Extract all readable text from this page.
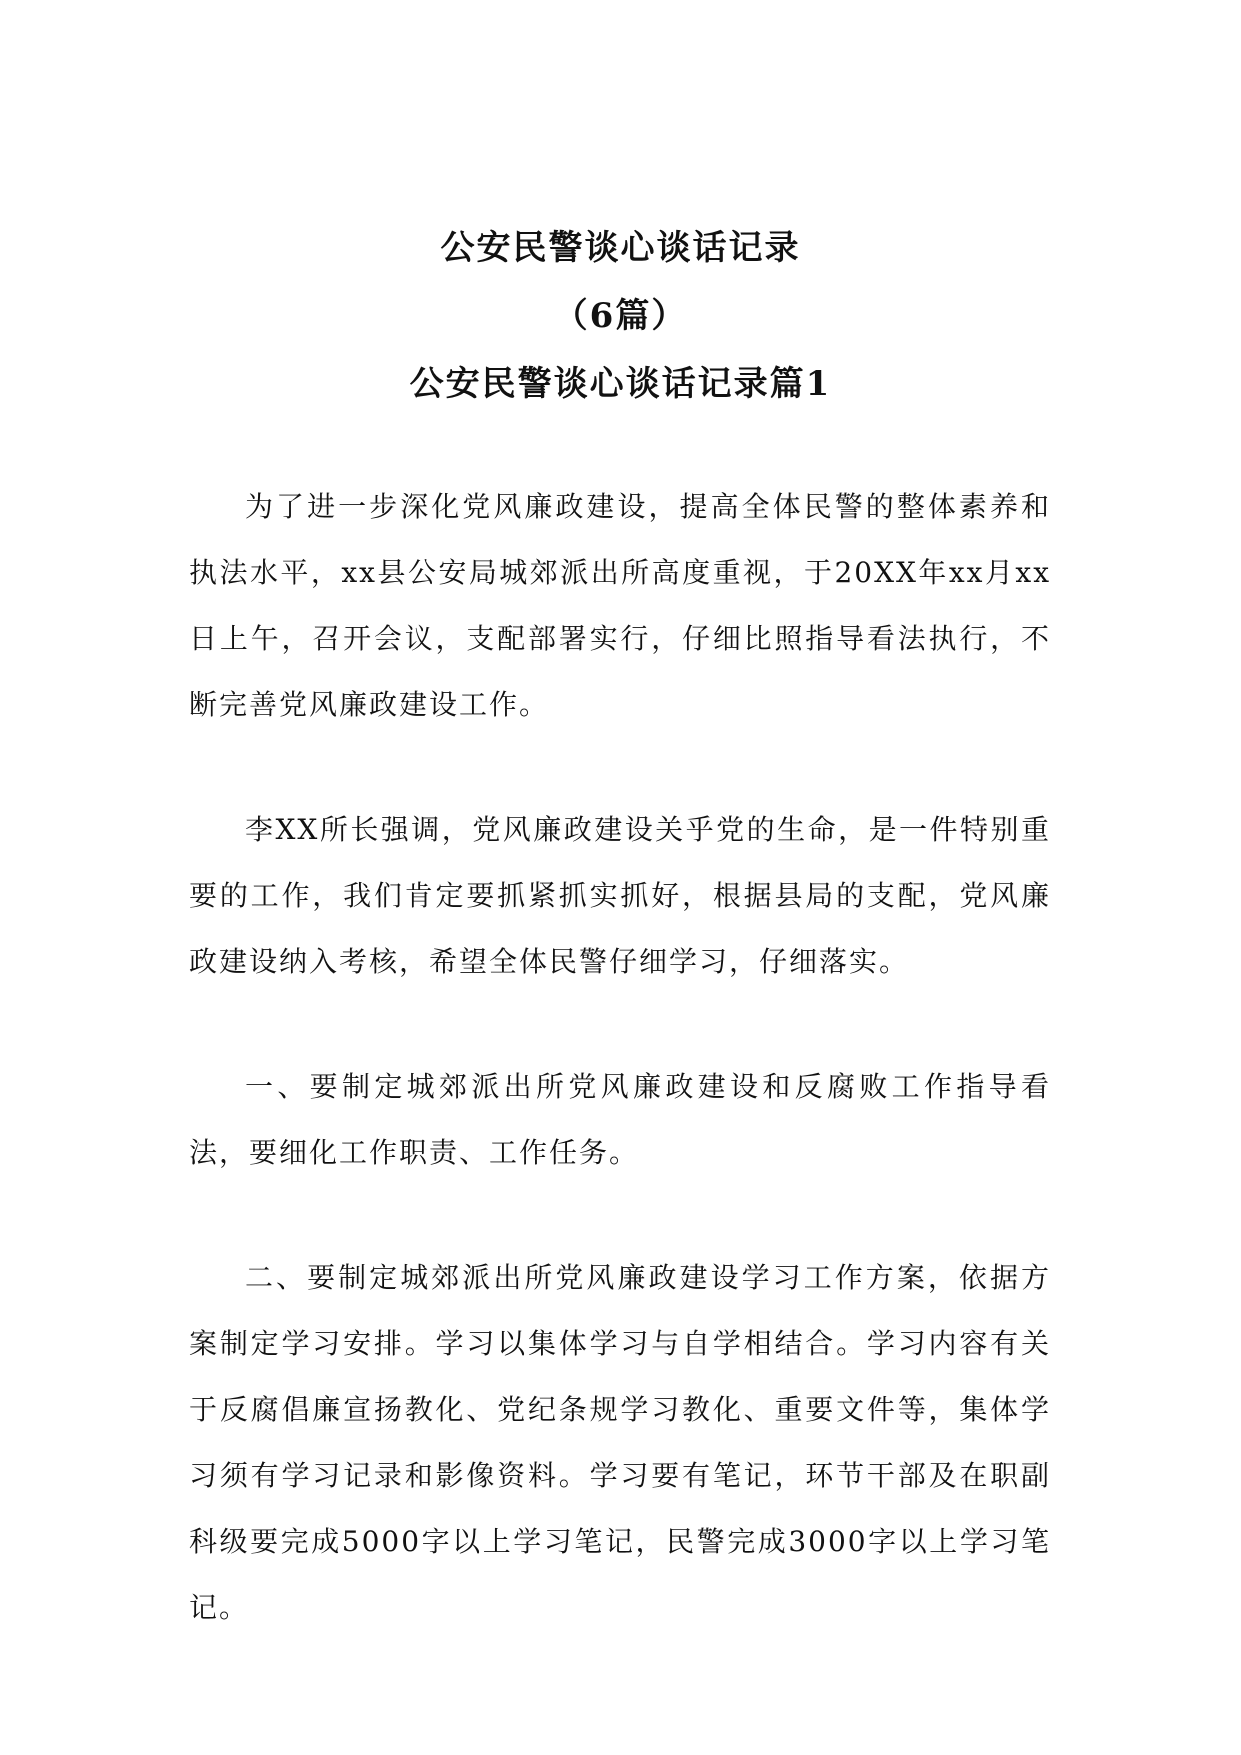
公安民警谈心谈话记录
（6篇）
公安民警谈心谈话记录篇1

为了进一步深化党风廉政建设，提高全体民警的整体素养和执法水平，xx县公安局城郊派出所高度重视，于20XX年xx月xx日上午，召开会议，支配部署实行，仔细比照指导看法执行，不断完善党风廉政建设工作。

李XX所长强调，党风廉政建设关乎党的生命，是一件特别重要的工作，我们肯定要抓紧抓实抓好，根据县局的支配，党风廉政建设纳入考核，希望全体民警仔细学习，仔细落实。

一、要制定城郊派出所党风廉政建设和反腐败工作指导看法，要细化工作职责、工作任务。

二、要制定城郊派出所党风廉政建设学习工作方案，依据方案制定学习安排。学习以集体学习与自学相结合。学习内容有关于反腐倡廉宣扬教化、党纪条规学习教化、重要文件等，集体学习须有学习记录和影像资料。学习要有笔记，环节干部及在职副科级要完成5000字以上学习笔记，民警完成3000字以上学习笔记。
